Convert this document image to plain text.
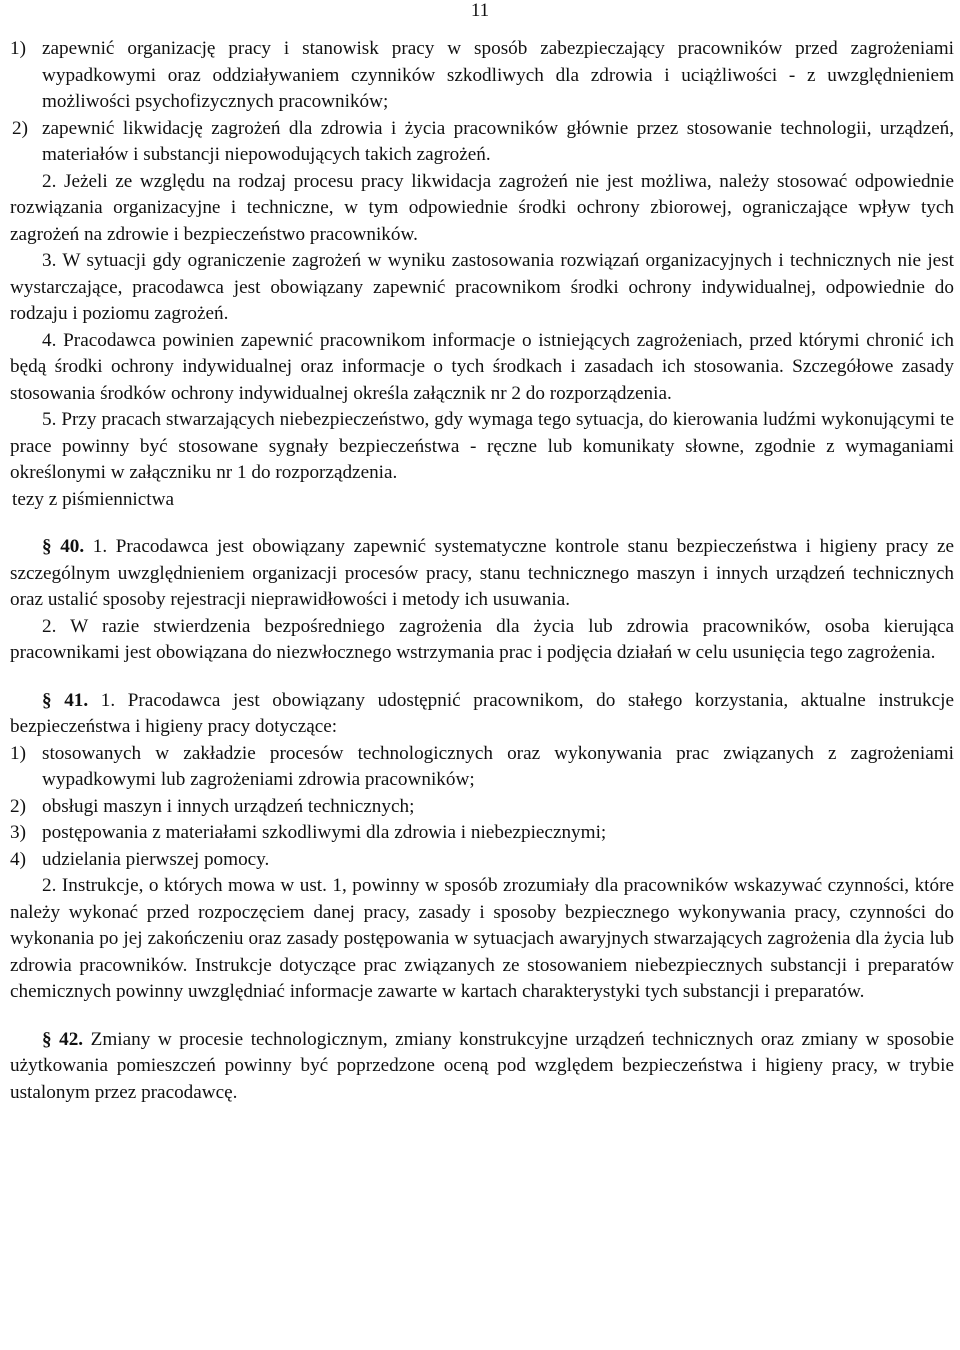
11
1) zapewnić organizację pracy i stanowisk pracy w sposób zabezpieczający pracowników przed zagrożeniami wypadkowymi oraz oddziaływaniem czynników szkodliwych dla zdrowia i uciążliwości - z uwzględnieniem możliwości psychofizycznych pracowników;

2) zapewnić likwidację zagrożeń dla zdrowia i życia pracowników głównie przez stosowanie technologii, urządzeń, materiałów i substancji niepowodujących takich zagrożeń.

2. Jeżeli ze względu na rodzaj procesu pracy likwidacja zagrożeń nie jest możliwa, należy stosować odpowiednie rozwiązania organizacyjne i techniczne, w tym odpowiednie środki ochrony zbiorowej, ograniczające wpływ tych zagrożeń na zdrowie i bezpieczeństwo pracowników.

3. W sytuacji gdy ograniczenie zagrożeń w wyniku zastosowania rozwiązań organizacyjnych i technicznych nie jest wystarczające, pracodawca jest obowiązany zapewnić pracownikom środki ochrony indywidualnej, odpowiednie do rodzaju i poziomu zagrożeń.

4. Pracodawca powinien zapewnić pracownikom informacje o istniejących zagrożeniach, przed którymi chronić ich będą środki ochrony indywidualnej oraz informacje o tych środkach i zasadach ich stosowania. Szczegółowe zasady stosowania środków ochrony indywidualnej określa załącznik nr 2 do rozporządzenia.

5. Przy pracach stwarzających niebezpieczeństwo, gdy wymaga tego sytuacja, do kierowania ludźmi wykonującymi te prace powinny być stosowane sygnały bezpieczeństwa - ręczne lub komunikaty słowne, zgodnie z wymaganiami określonymi w załączniku nr 1 do rozporządzenia.

tezy z piśmiennictwa

§ 40. 1. Pracodawca jest obowiązany zapewnić systematyczne kontrole stanu bezpieczeństwa i higieny pracy ze szczególnym uwzględnieniem organizacji procesów pracy, stanu technicznego maszyn i innych urządzeń technicznych oraz ustalić sposoby rejestracji nieprawidłowości i metody ich usuwania.

2. W razie stwierdzenia bezpośredniego zagrożenia dla życia lub zdrowia pracowników, osoba kierująca pracownikami jest obowiązana do niezwłocznego wstrzymania prac i podjęcia działań w celu usunięcia tego zagrożenia.

§ 41. 1. Pracodawca jest obowiązany udostępnić pracownikom, do stałego korzystania, aktualne instrukcje bezpieczeństwa i higieny pracy dotyczące:

1) stosowanych w zakładzie procesów technologicznych oraz wykonywania prac związanych z zagrożeniami wypadkowymi lub zagrożeniami zdrowia pracowników;

2) obsługi maszyn i innych urządzeń technicznych;

3) postępowania z materiałami szkodliwymi dla zdrowia i niebezpiecznymi;

4) udzielania pierwszej pomocy.

2. Instrukcje, o których mowa w ust. 1, powinny w sposób zrozumiały dla pracowników wskazywać czynności, które należy wykonać przed rozpoczęciem danej pracy, zasady i sposoby bezpiecznego wykonywania pracy, czynności do wykonania po jej zakończeniu oraz zasady postępowania w sytuacjach awaryjnych stwarzających zagrożenia dla życia lub zdrowia pracowników. Instrukcje dotyczące prac związanych ze stosowaniem niebezpiecznych substancji i preparatów chemicznych powinny uwzględniać informacje zawarte w kartach charakterystyki tych substancji i preparatów.

§ 42. Zmiany w procesie technologicznym, zmiany konstrukcyjne urządzeń technicznych oraz zmiany w sposobie użytkowania pomieszczeń powinny być poprzedzone oceną pod względem bezpieczeństwa i higieny pracy, w trybie ustalonym przez pracodawcę.
